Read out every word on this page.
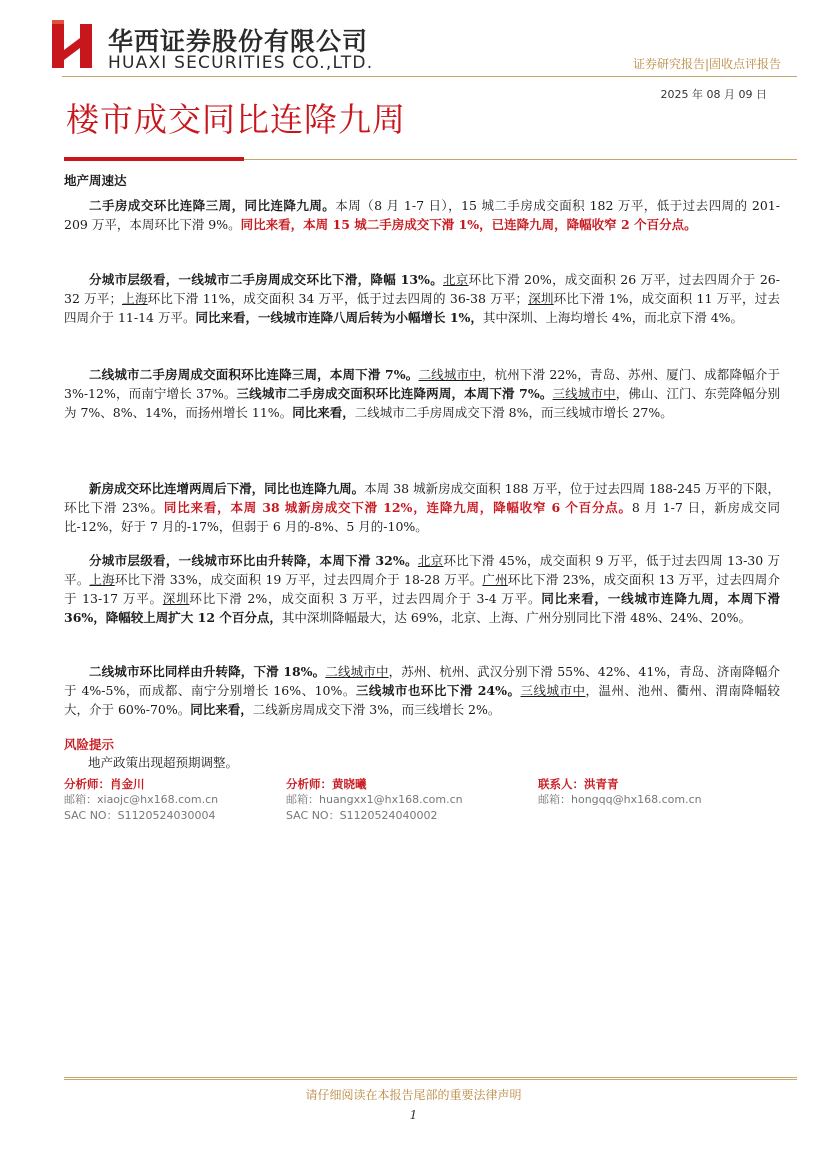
华西证券股份有限公司
HUAXI SECURITIES CO.,LTD.	证券研究报告|固收点评报告
2025 年 08 月 09 日
楼市成交同比连降九周
地产周速达
二手房成交环比连降三周，同比连降九周。本周（8 月 1-7 日），15 城二手房成交面积 182 万平，低于过去四周的 201-209 万平，本周环比下滑 9%。同比来看，本周 15 城二手房成交下滑 1%，已连降九周，降幅收窄 2 个百分点。
分城市层级看，一线城市二手房周成交环比下滑，降幅 13%。北京环比下滑 20%，成交面积 26 万平，过去四周介于 26-32 万平；上海环比下滑 11%，成交面积 34 万平，低于过去四周的 36-38 万平；深圳环比下滑 1%，成交面积 11 万平，过去四周介于 11-14 万平。同比来看，一线城市连降八周后转为小幅增长 1%，其中深圳、上海均增长 4%，而北京下滑 4%。
二线城市二手房周成交面积环比连降三周，本周下滑 7%。二线城市中，杭州下滑 22%，青岛、苏州、厦门、成都降幅介于 3%-12%，而南宁增长 37%。三线城市二手房成交面积环比连降两周，本周下滑 7%。三线城市中，佛山、江门、东莞降幅分别为 7%、8%、14%，而扬州增长 11%。同比来看，二线城市二手房周成交下滑 8%，而三线城市增长 27%。
新房成交环比连增两周后下滑，同比也连降九周。本周 38 城新房成交面积 188 万平，位于过去四周 188-245 万平的下限，环比下滑 23%。同比来看，本周 38 城新房成交下滑 12%，连降九周，降幅收窄 6 个百分点。8 月 1-7 日，新房成交同比-12%，好于 7 月的-17%，但弱于 6 月的-8%、5 月的-10%。
分城市层级看，一线城市环比由升转降，本周下滑 32%。北京环比下滑 45%，成交面积 9 万平，低于过去四周 13-30 万平。上海环比下滑 33%，成交面积 19 万平，过去四周介于 18-28 万平。广州环比下滑 23%，成交面积 13 万平，过去四周介于 13-17 万平。深圳环比下滑 2%，成交面积 3 万平，过去四周介于 3-4 万平。同比来看，一线城市连降九周，本周下滑 36%，降幅较上周扩大 12 个百分点，其中深圳降幅最大，达 69%，北京、上海、广州分别同比下滑 48%、24%、20%。
二线城市环比同样由升转降，下滑 18%。二线城市中，苏州、杭州、武汉分别下滑 55%、42%、41%，青岛、济南降幅介于 4%-5%，而成都、南宁分别增长 16%、10%。三线城市也环比下滑 24%。三线城市中，温州、池州、衢州、渭南降幅较大，介于 60%-70%。同比来看，二线新房周成交下滑 3%，而三线增长 2%。
风险提示
地产政策出现超预期调整。
分析师：肖金川
邮箱：xiaojc@hx168.com.cn
SAC NO：S1120524030004
分析师：黄晓曦
邮箱：huangxx1@hx168.com.cn
SAC NO：S1120524040002
联系人：洪青青
邮箱：hongqq@hx168.com.cn
请仔细阅读在本报告尾部的重要法律声明
1
